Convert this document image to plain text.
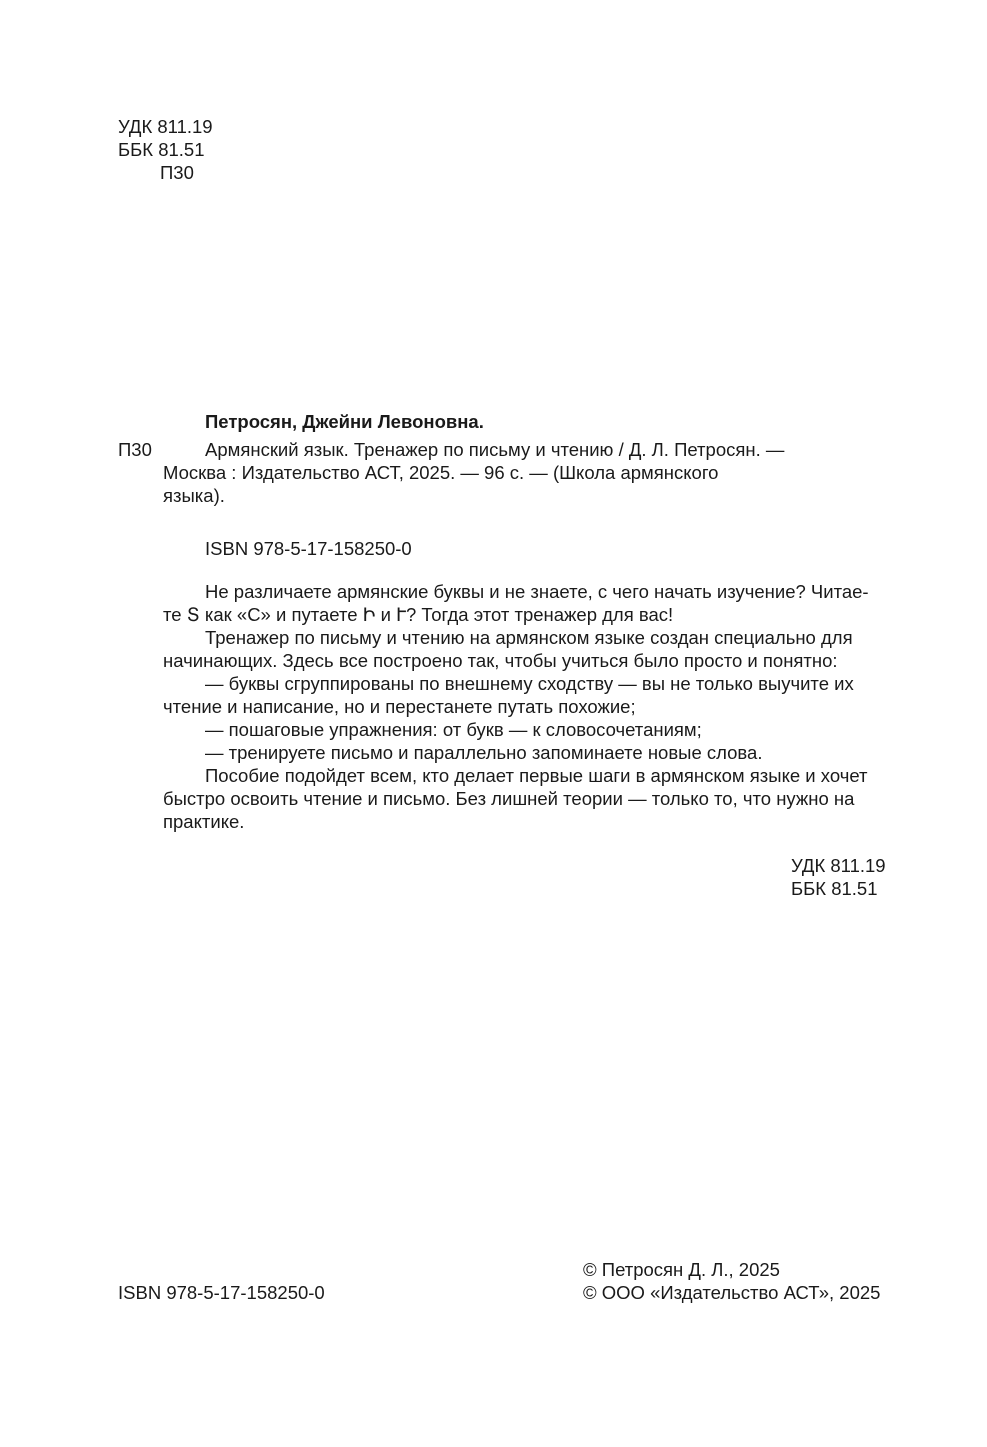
УДК 811.19
ББК 81.51
П30
Петросян, Джейни Левоновна.
П30	Армянский язык. Тренажер по письму и чтению / Д. Л. Петросян. —
Москва : Издательство АСТ, 2025. — 96 с. — (Школа армянского
языка).
ISBN 978-5-17-158250-0
Не различаете армянские буквы и не знаете, с чего начать изучение? Читае-
те Տ как «С» и путаете Ի и Ւ? Тогда этот тренажер для вас!
Тренажер по письму и чтению на армянском языке создан специально для
начинающих. Здесь все построено так, чтобы учиться было просто и понятно:
— буквы сгруппированы по внешнему сходству — вы не только выучите их
чтение и написание, но и перестанете путать похожие;
— пошаговые упражнения: от букв — к словосочетаниям;
— тренируете письмо и параллельно запоминаете новые слова.
Пособие подойдет всем, кто делает первые шаги в армянском языке и хочет
быстро освоить чтение и письмо. Без лишней теории — только то, что нужно на
практике.
УДК 811.19
ББК 81.51
ISBN 978-5-17-158250-0
© Петросян Д. Л., 2025
© ООО «Издательство АСТ», 2025
